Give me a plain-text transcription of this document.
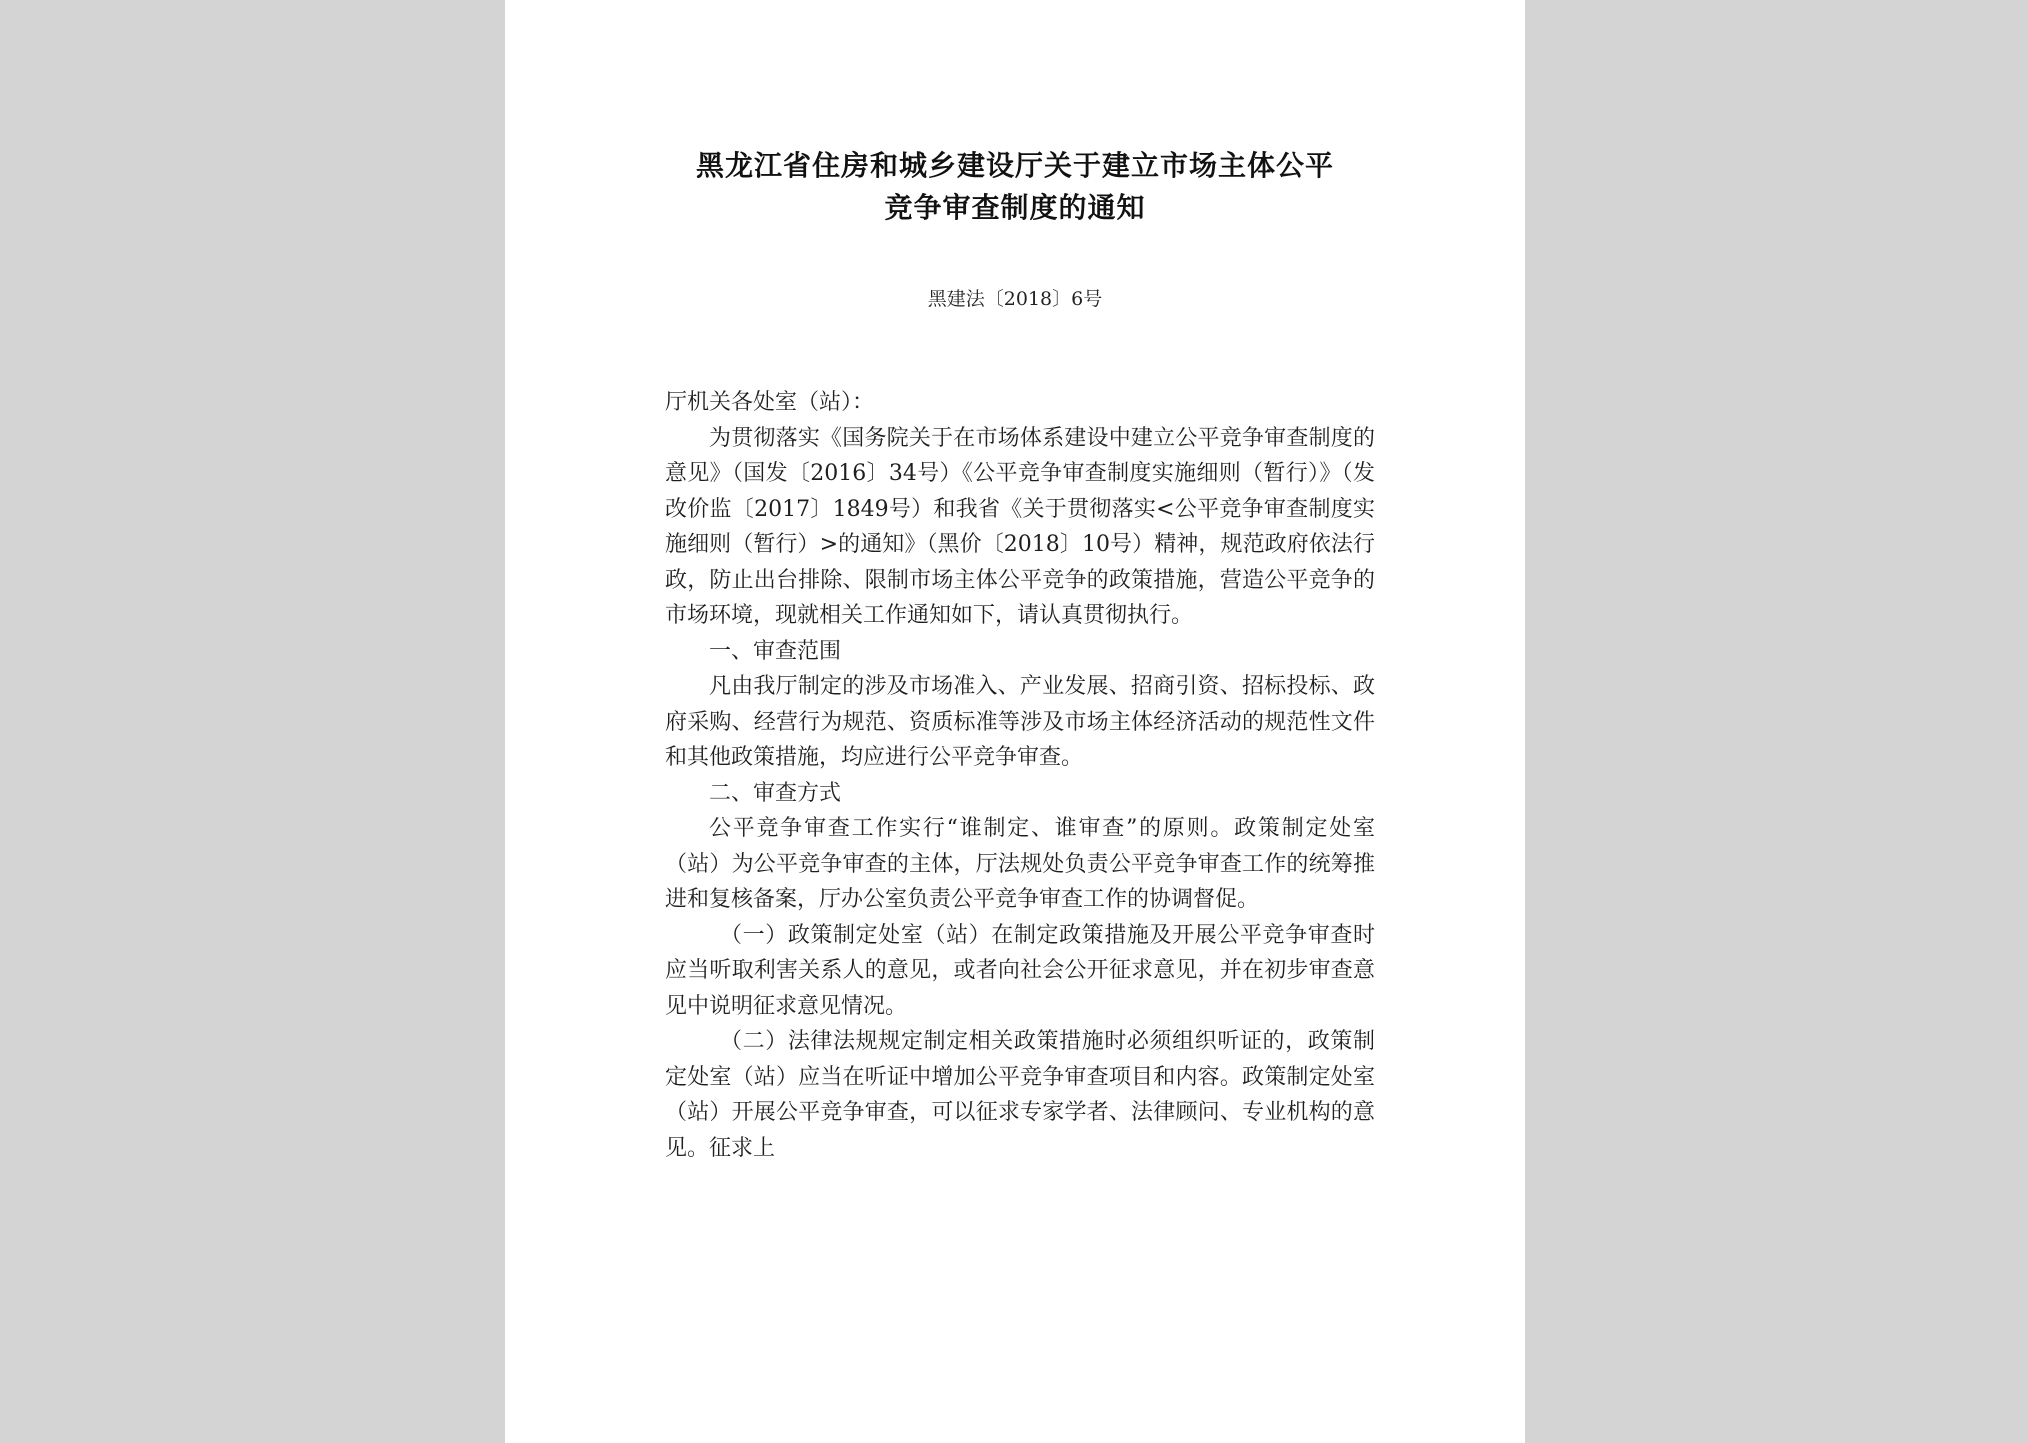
黑龙江省住房和城乡建设厅关于建立市场主体公平
竞争审查制度的通知
黑建法〔2018〕6号

厅机关各处室（站）：

为贯彻落实《国务院关于在市场体系建设中建立公平竞争审查制度的意见》（国发〔2016〕34号）《公平竞争审查制度实施细则（暂行）》（发改价监〔2017〕1849号）和我省《关于贯彻落实<公平竞争审查制度实施细则（暂行）>的通知》（黑价〔2018〕10号）精神，规范政府依法行政，防止出台排除、限制市场主体公平竞争的政策措施，营造公平竞争的市场环境，现就相关工作通知如下，请认真贯彻执行。

一、审查范围

凡由我厅制定的涉及市场准入、产业发展、招商引资、招标投标、政府采购、经营行为规范、资质标准等涉及市场主体经济活动的规范性文件和其他政策措施，均应进行公平竞争审查。

二、审查方式

公平竞争审查工作实行“谁制定、谁审查”的原则。政策制定处室（站）为公平竞争审查的主体，厅法规处负责公平竞争审查工作的统筹推进和复核备案，厅办公室负责公平竞争审查工作的协调督促。

（一）政策制定处室（站）在制定政策措施及开展公平竞争审查时应当听取利害关系人的意见，或者向社会公开征求意见，并在初步审查意见中说明征求意见情况。

（二）法律法规规定制定相关政策措施时必须组织听证的，政策制定处室（站）应当在听证中增加公平竞争审查项目和内容。政策制定处室（站）开展公平竞争审查，可以征求专家学者、法律顾问、专业机构的意见。征求上
